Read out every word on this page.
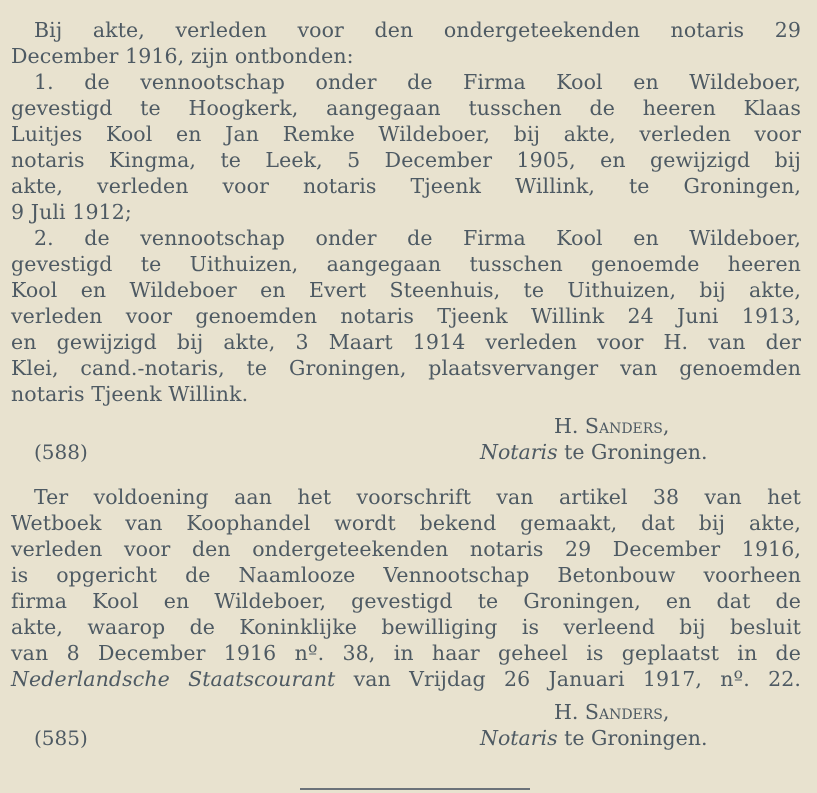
Bij akte, verleden voor den ondergeteekenden notaris 29
December 1916, zijn ontbonden:
1. de vennootschap onder de Firma Kool en Wildeboer,
gevestigd te Hoogkerk, aangegaan tusschen de heeren Klaas
Luitjes Kool en Jan Remke Wildeboer, bij akte, verleden voor
notaris Kingma, te Leek, 5 December 1905, en gewijzigd bij
akte, verleden voor notaris Tjeenk Willink, te Groningen,
9 Juli 1912;
2. de vennootschap onder de Firma Kool en Wildeboer,
gevestigd te Uithuizen, aangegaan tusschen genoemde heeren
Kool en Wildeboer en Evert Steenhuis, te Uithuizen, bij akte,
verleden voor genoemden notaris Tjeenk Willink 24 Juni 1913,
en gewijzigd bij akte, 3 Maart 1914 verleden voor H. van der
Klei, cand.-notaris, te Groningen, plaatsvervanger van genoemden
notaris Tjeenk Willink.
H. Sanders,
(588)	Notaris te Groningen.
Ter voldoening aan het voorschrift van artikel 38 van het
Wetboek van Koophandel wordt bekend gemaakt, dat bij akte,
verleden voor den ondergeteekenden notaris 29 December 1916,
is opgericht de Naamlooze Vennootschap Betonbouw voorheen
firma Kool en Wildeboer, gevestigd te Groningen, en dat de
akte, waarop de Koninklijke bewilliging is verleend bij besluit
van 8 December 1916 nº. 38, in haar geheel is geplaatst in de
Nederlandsche Staatscourant van Vrijdag 26 Januari 1917, nº. 22.
H. Sanders,
(585)	Notaris te Groningen.
